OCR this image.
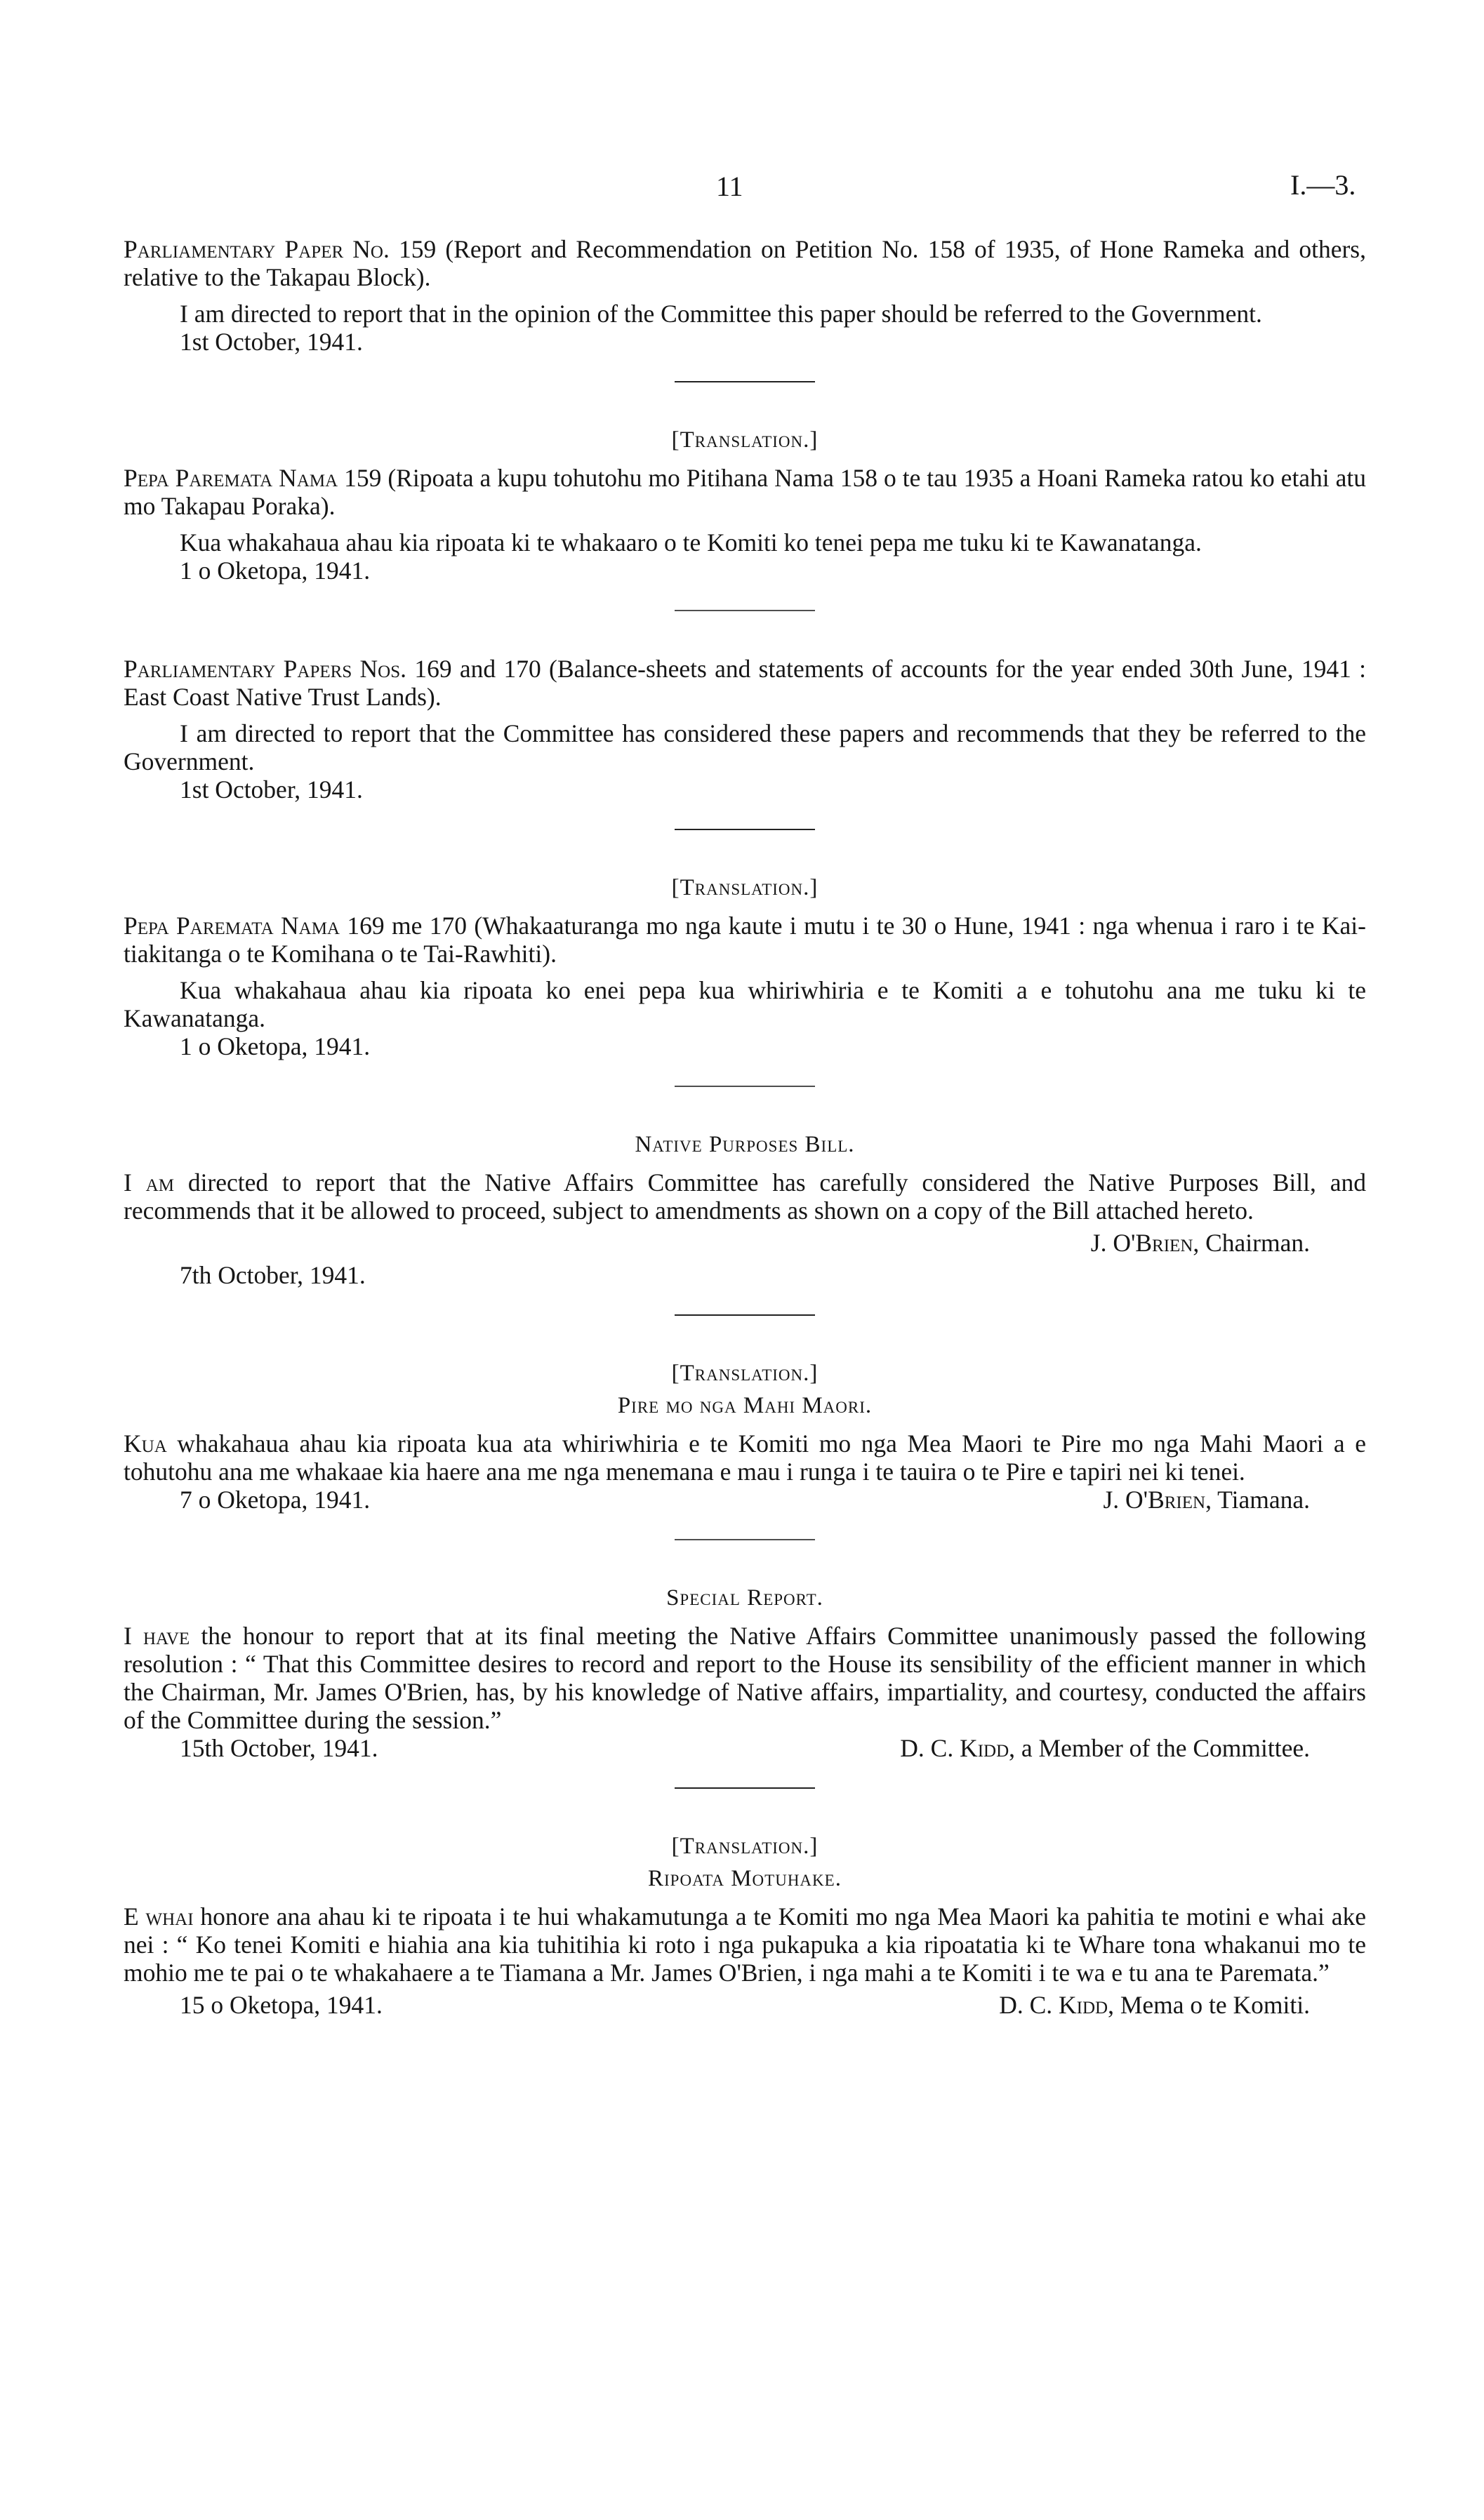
11	I.—3.

Parliamentary Paper No. 159 (Report and Recommendation on Petition No. 158 of 1935, of Hone Rameka and others, relative to the Takapau Block).

I am directed to report that in the opinion of the Committee this paper should be referred to the Government.

1st October, 1941.

[Translation.]

Pepa Paremata Nama 159 (Ripoata a kupu tohutohu mo Pitihana Nama 158 o te tau 1935 a Hoani Rameka ratou ko etahi atu mo Takapau Poraka).

Kua whakahaua ahau kia ripoata ki te whakaaro o te Komiti ko tenei pepa me tuku ki te Kawanatanga.

1 o Oketopa, 1941.

Parliamentary Papers Nos. 169 and 170 (Balance-sheets and statements of accounts for the year ended 30th June, 1941 : East Coast Native Trust Lands).

I am directed to report that the Committee has considered these papers and recommends that they be referred to the Government.

1st October, 1941.

[Translation.]

Pepa Paremata Nama 169 me 170 (Whakaaturanga mo nga kaute i mutu i te 30 o Hune, 1941 : nga whenua i raro i te Kai-tiakitanga o te Komihana o te Tai-Rawhiti).

Kua whakahaua ahau kia ripoata ko enei pepa kua whiriwhiria e te Komiti a e tohutohu ana me tuku ki te Kawanatanga.

1 o Oketopa, 1941.

Native Purposes Bill.

I am directed to report that the Native Affairs Committee has carefully considered the Native Purposes Bill, and recommends that it be allowed to proceed, subject to amendments as shown on a copy of the Bill attached hereto.

J. O'Brien, Chairman.

7th October, 1941.

[Translation.]
Pire mo nga Mahi Maori.

Kua whakahaua ahau kia ripoata kua ata whiriwhiria e te Komiti mo nga Mea Maori te Pire mo nga Mahi Maori a e tohutohu ana me whakaae kia haere ana me nga menemana e mau i runga i te tauira o te Pire e tapiri nei ki tenei.

7 o Oketopa, 1941.	J. O'Brien, Tiamana.
Special Report.

I have the honour to report that at its final meeting the Native Affairs Committee unanimously passed the following resolution : “ That this Committee desires to record and report to the House its sensibility of the efficient manner in which the Chairman, Mr. James O'Brien, has, by his knowledge of Native affairs, impartiality, and courtesy, conducted the affairs of the Committee during the session.”

15th October, 1941.	D. C. Kidd, a Member of the Committee.
[Translation.]
Ripoata Motuhake.

E whai honore ana ahau ki te ripoata i te hui whakamutunga a te Komiti mo nga Mea Maori ka pahitia te motini e whai ake nei : “ Ko tenei Komiti e hiahia ana kia tuhitihia ki roto i nga pukapuka a kia ripoatatia ki te Whare tona whakanui mo te mohio me te pai o te whakahaere a te Tiamana a Mr. James O'Brien, i nga mahi a te Komiti i te wa e tu ana te Paremata.”

15 o Oketopa, 1941.	D. C. Kidd, Mema o te Komiti.
